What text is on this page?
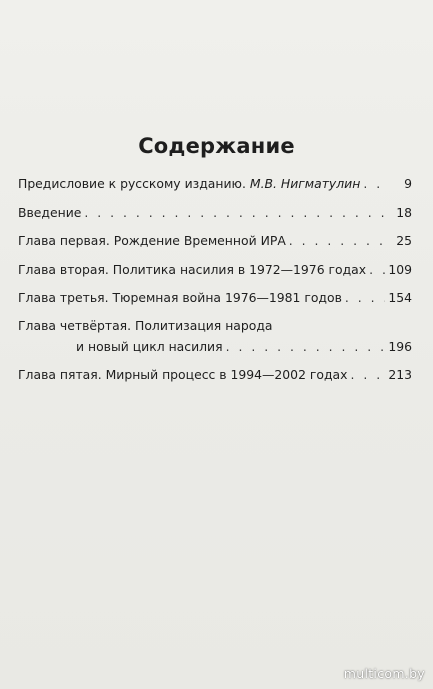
Содержание
Предисловие к русскому изданию. М.В. Нигматулин . . .	9
Введение . . .	18
Глава первая. Рождение Временной ИРА . . .	25
Глава вторая. Политика насилия в 1972—1976 годах . . . 109
Глава третья. Тюремная война 1976—1981 годов . . .	154
Глава четвёртая. Политизация народа
и новый цикл насилия . . .	196
Глава пятая. Мирный процесс в 1994—2002 годах . . .	213
multicom.by
